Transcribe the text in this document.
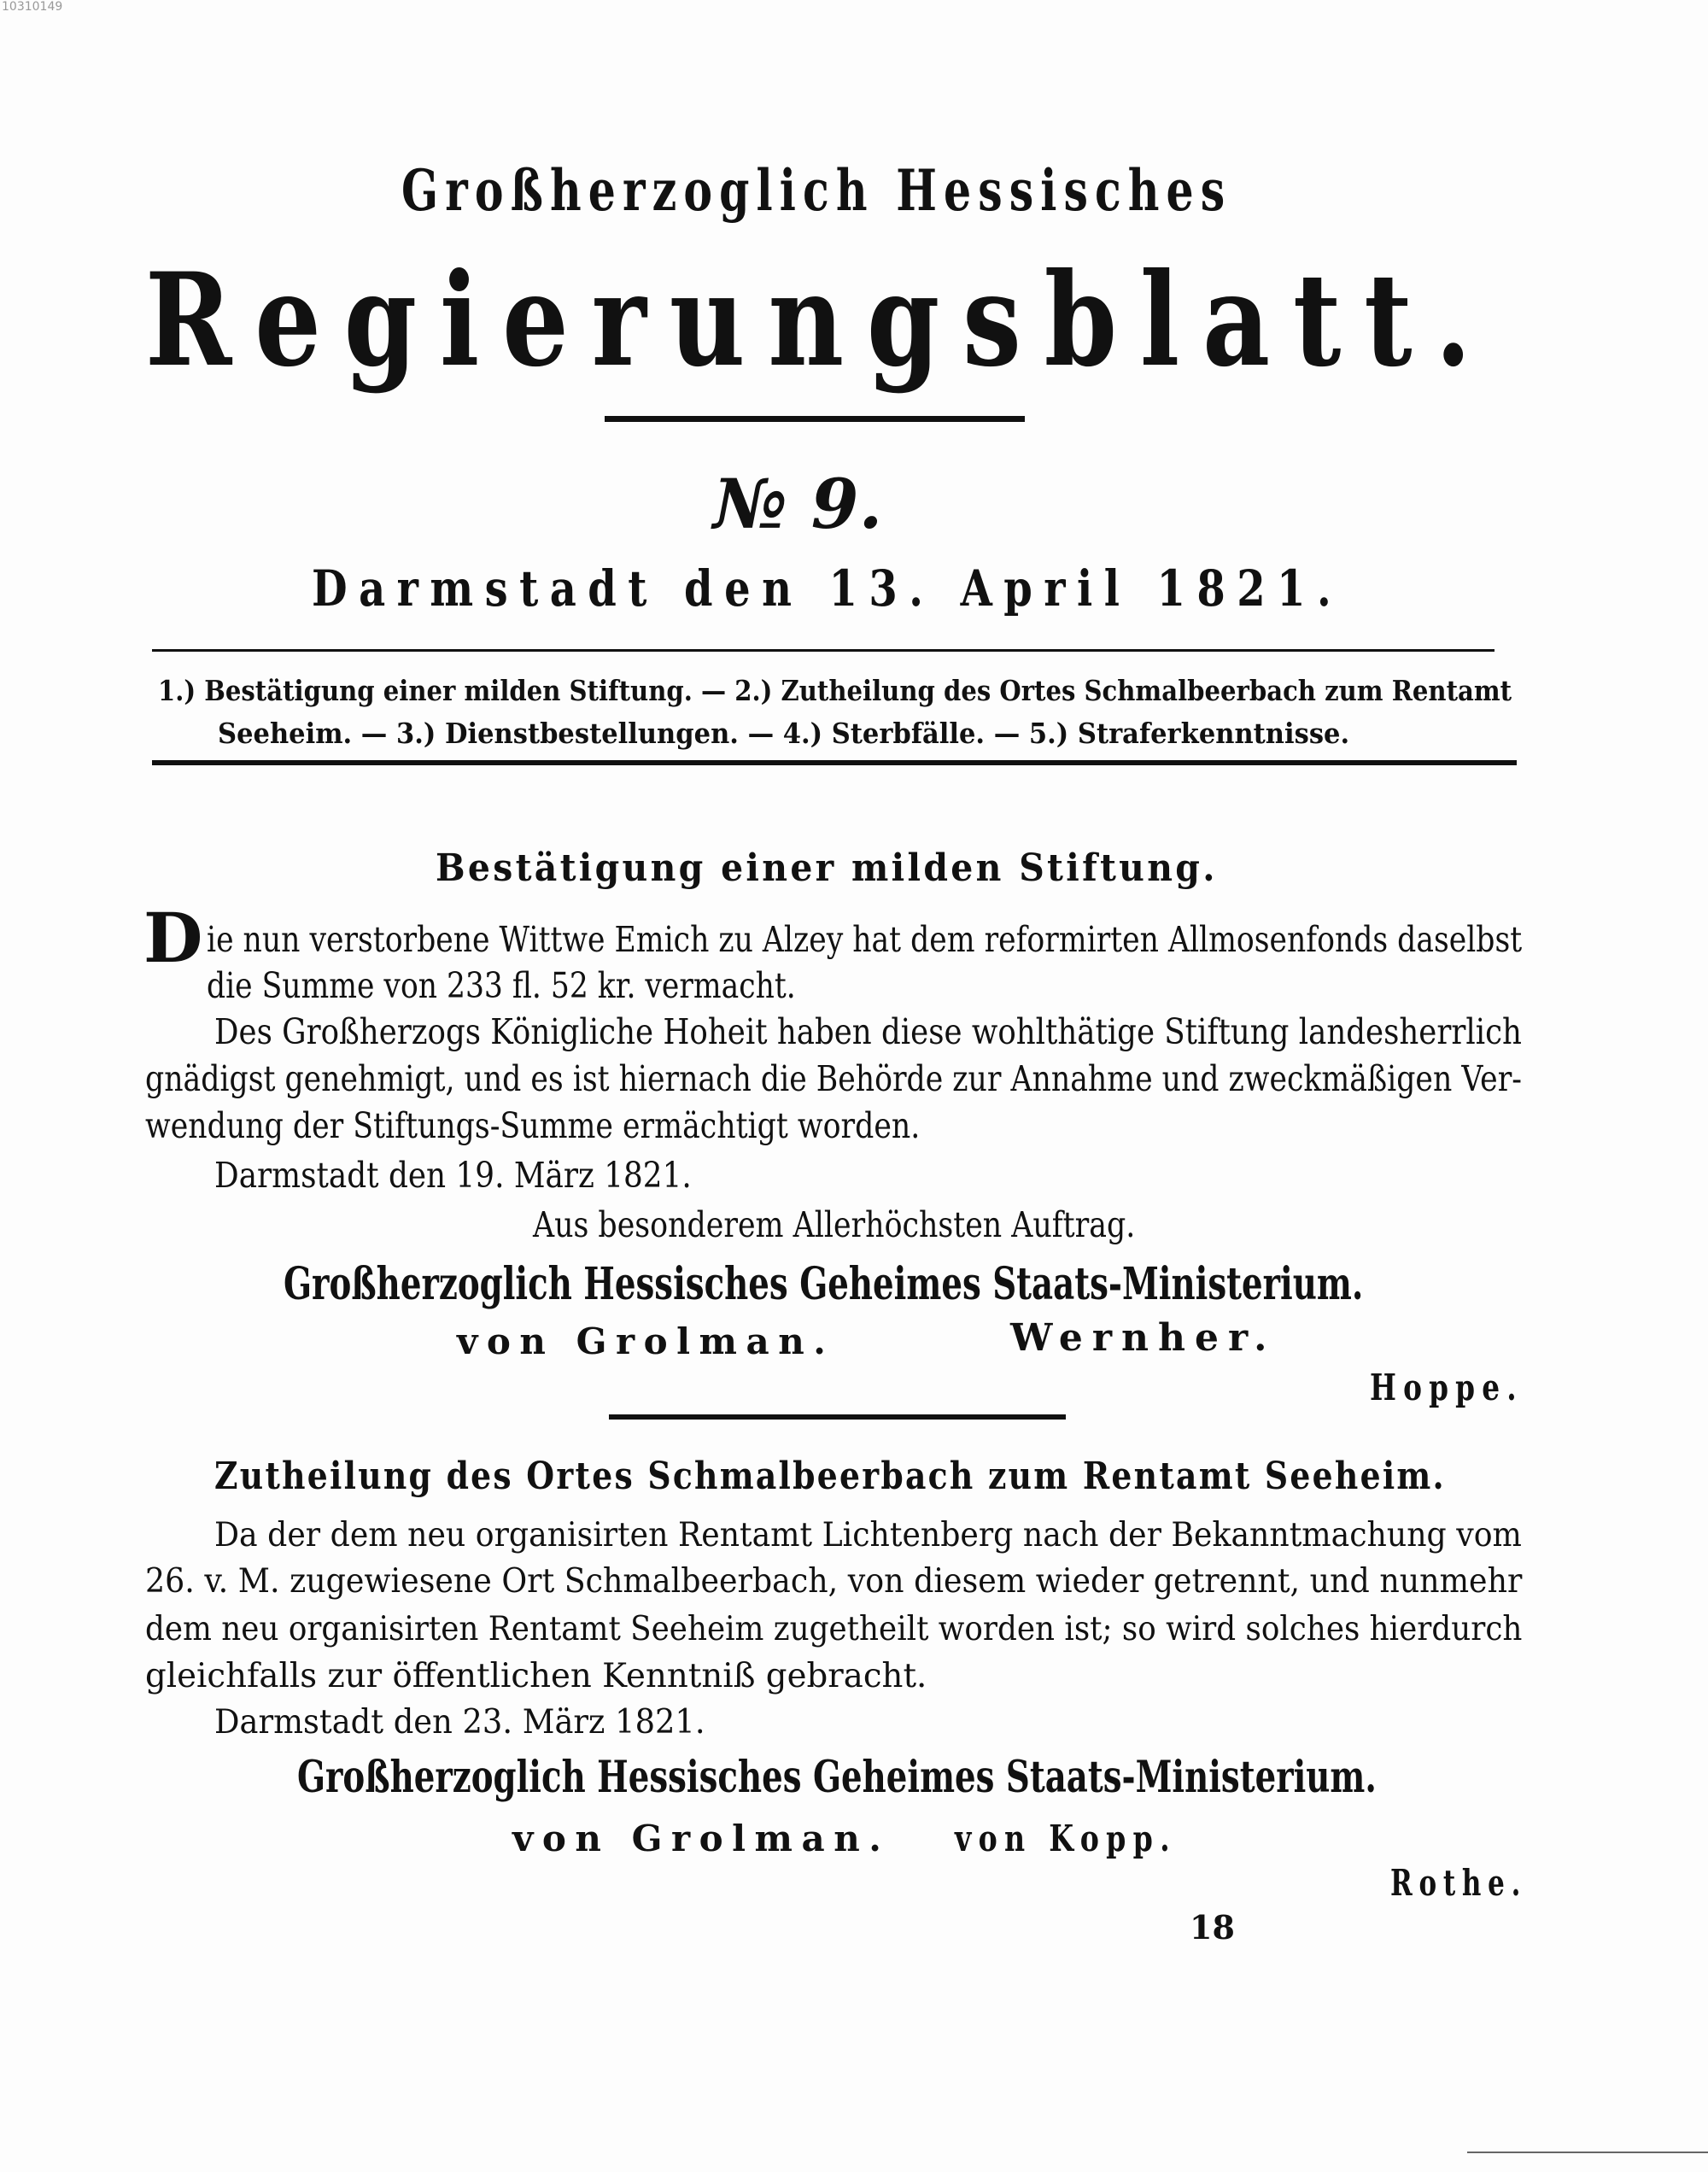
10310149
Großherzoglich Hessisches
Regierungsblatt.
№ 9.
Darmstadt den 13. April 1821.
1.) Bestätigung einer milden Stiftung. — 2.) Zutheilung des Ortes Schmalbeerbach zum Rentamt
Seeheim. — 3.) Dienstbestellungen. — 4.) Sterbfälle. — 5.) Straferkenntnisse.
Bestätigung einer milden Stiftung.
D ie nun verstorbene Wittwe Emich zu Alzey hat dem reformirten Allmosenfonds daselbst
die Summe von 233 fl. 52 kr. vermacht.
Des Großherzogs Königliche Hoheit haben diese wohlthätige Stiftung landesherrlich
gnädigst genehmigt, und es ist hiernach die Behörde zur Annahme und zweckmäßigen Ver-
wendung der Stiftungs-Summe ermächtigt worden.
Darmstadt den 19. März 1821.
Aus besonderem Allerhöchsten Auftrag.
Großherzoglich Hessisches Geheimes Staats-Ministerium.
von Grolman.	Wernher.
Hoppe.
Zutheilung des Ortes Schmalbeerbach zum Rentamt Seeheim.
Da der dem neu organisirten Rentamt Lichtenberg nach der Bekanntmachung vom
26. v. M. zugewiesene Ort Schmalbeerbach, von diesem wieder getrennt, und nunmehr
dem neu organisirten Rentamt Seeheim zugetheilt worden ist; so wird solches hierdurch
gleichfalls zur öffentlichen Kenntniß gebracht.
Darmstadt den 23. März 1821.
Großherzoglich Hessisches Geheimes Staats-Ministerium.
von Grolman. von Kopp.
Rothe.
18
